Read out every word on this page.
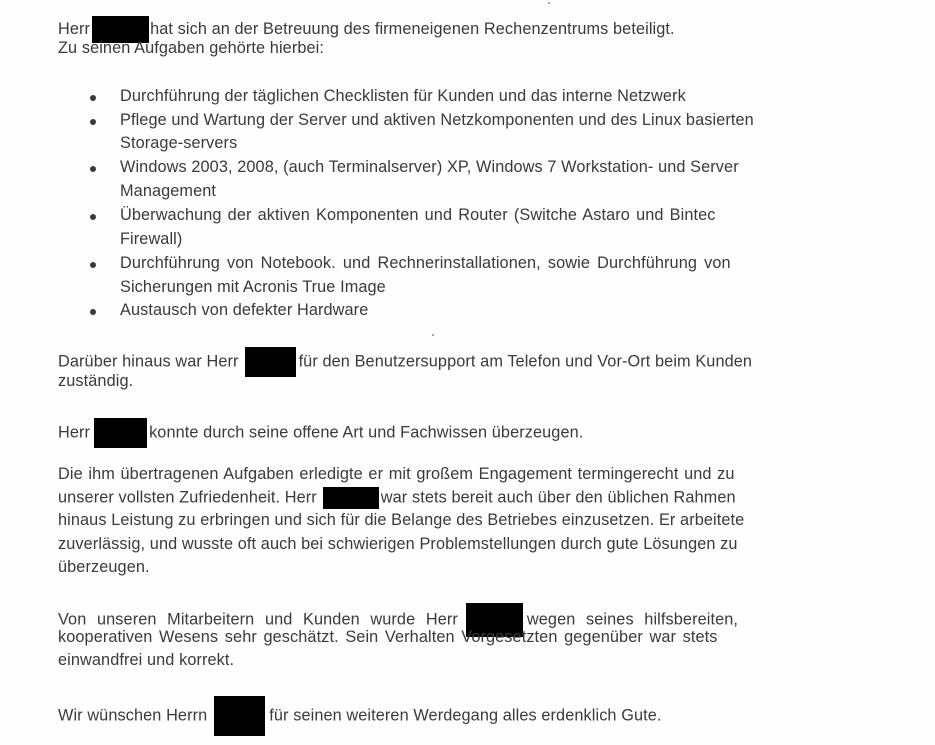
Herr	hat sich an der Betreuung des firmeneigenen Rechenzentrums beteiligt.
Zu seinen Aufgaben gehörte hierbei:
Durchführung der täglichen Checklisten für Kunden und das interne Netzwerk
Pflege und Wartung der Server und aktiven Netzkomponenten und des Linux basierten
Storage-servers
Windows 2003, 2008, (auch Terminalserver) XP, Windows 7 Workstation- und Server
Management
Überwachung der aktiven Komponenten und Router (Switche Astaro und Bintec
Firewall)
Durchführung von Notebook. und Rechnerinstallationen, sowie Durchführung von
Sicherungen mit Acronis True Image
Austausch von defekter Hardware
Darüber hinaus war Herr	für den Benutzersupport am Telefon und Vor-Ort beim Kunden
zuständig.
Herr	konnte durch seine offene Art und Fachwissen überzeugen.
Die ihm übertragenen Aufgaben erledigte er mit großem Engagement termingerecht und zu
unserer vollsten Zufriedenheit. Herr	war stets bereit auch über den üblichen Rahmen
hinaus Leistung zu erbringen und sich für die Belange des Betriebes einzusetzen. Er arbeitete
zuverlässig, und wusste oft auch bei schwierigen Problemstellungen durch gute Lösungen zu
überzeugen.
Von unseren Mitarbeitern und Kunden wurde Herr	wegen seines hilfsbereiten,
kooperativen Wesens sehr geschätzt. Sein Verhalten Vorgesetzten gegenüber war stets
einwandfrei und korrekt.
Wir wünschen Herrn	für seinen weiteren Werdegang alles erdenklich Gute.
